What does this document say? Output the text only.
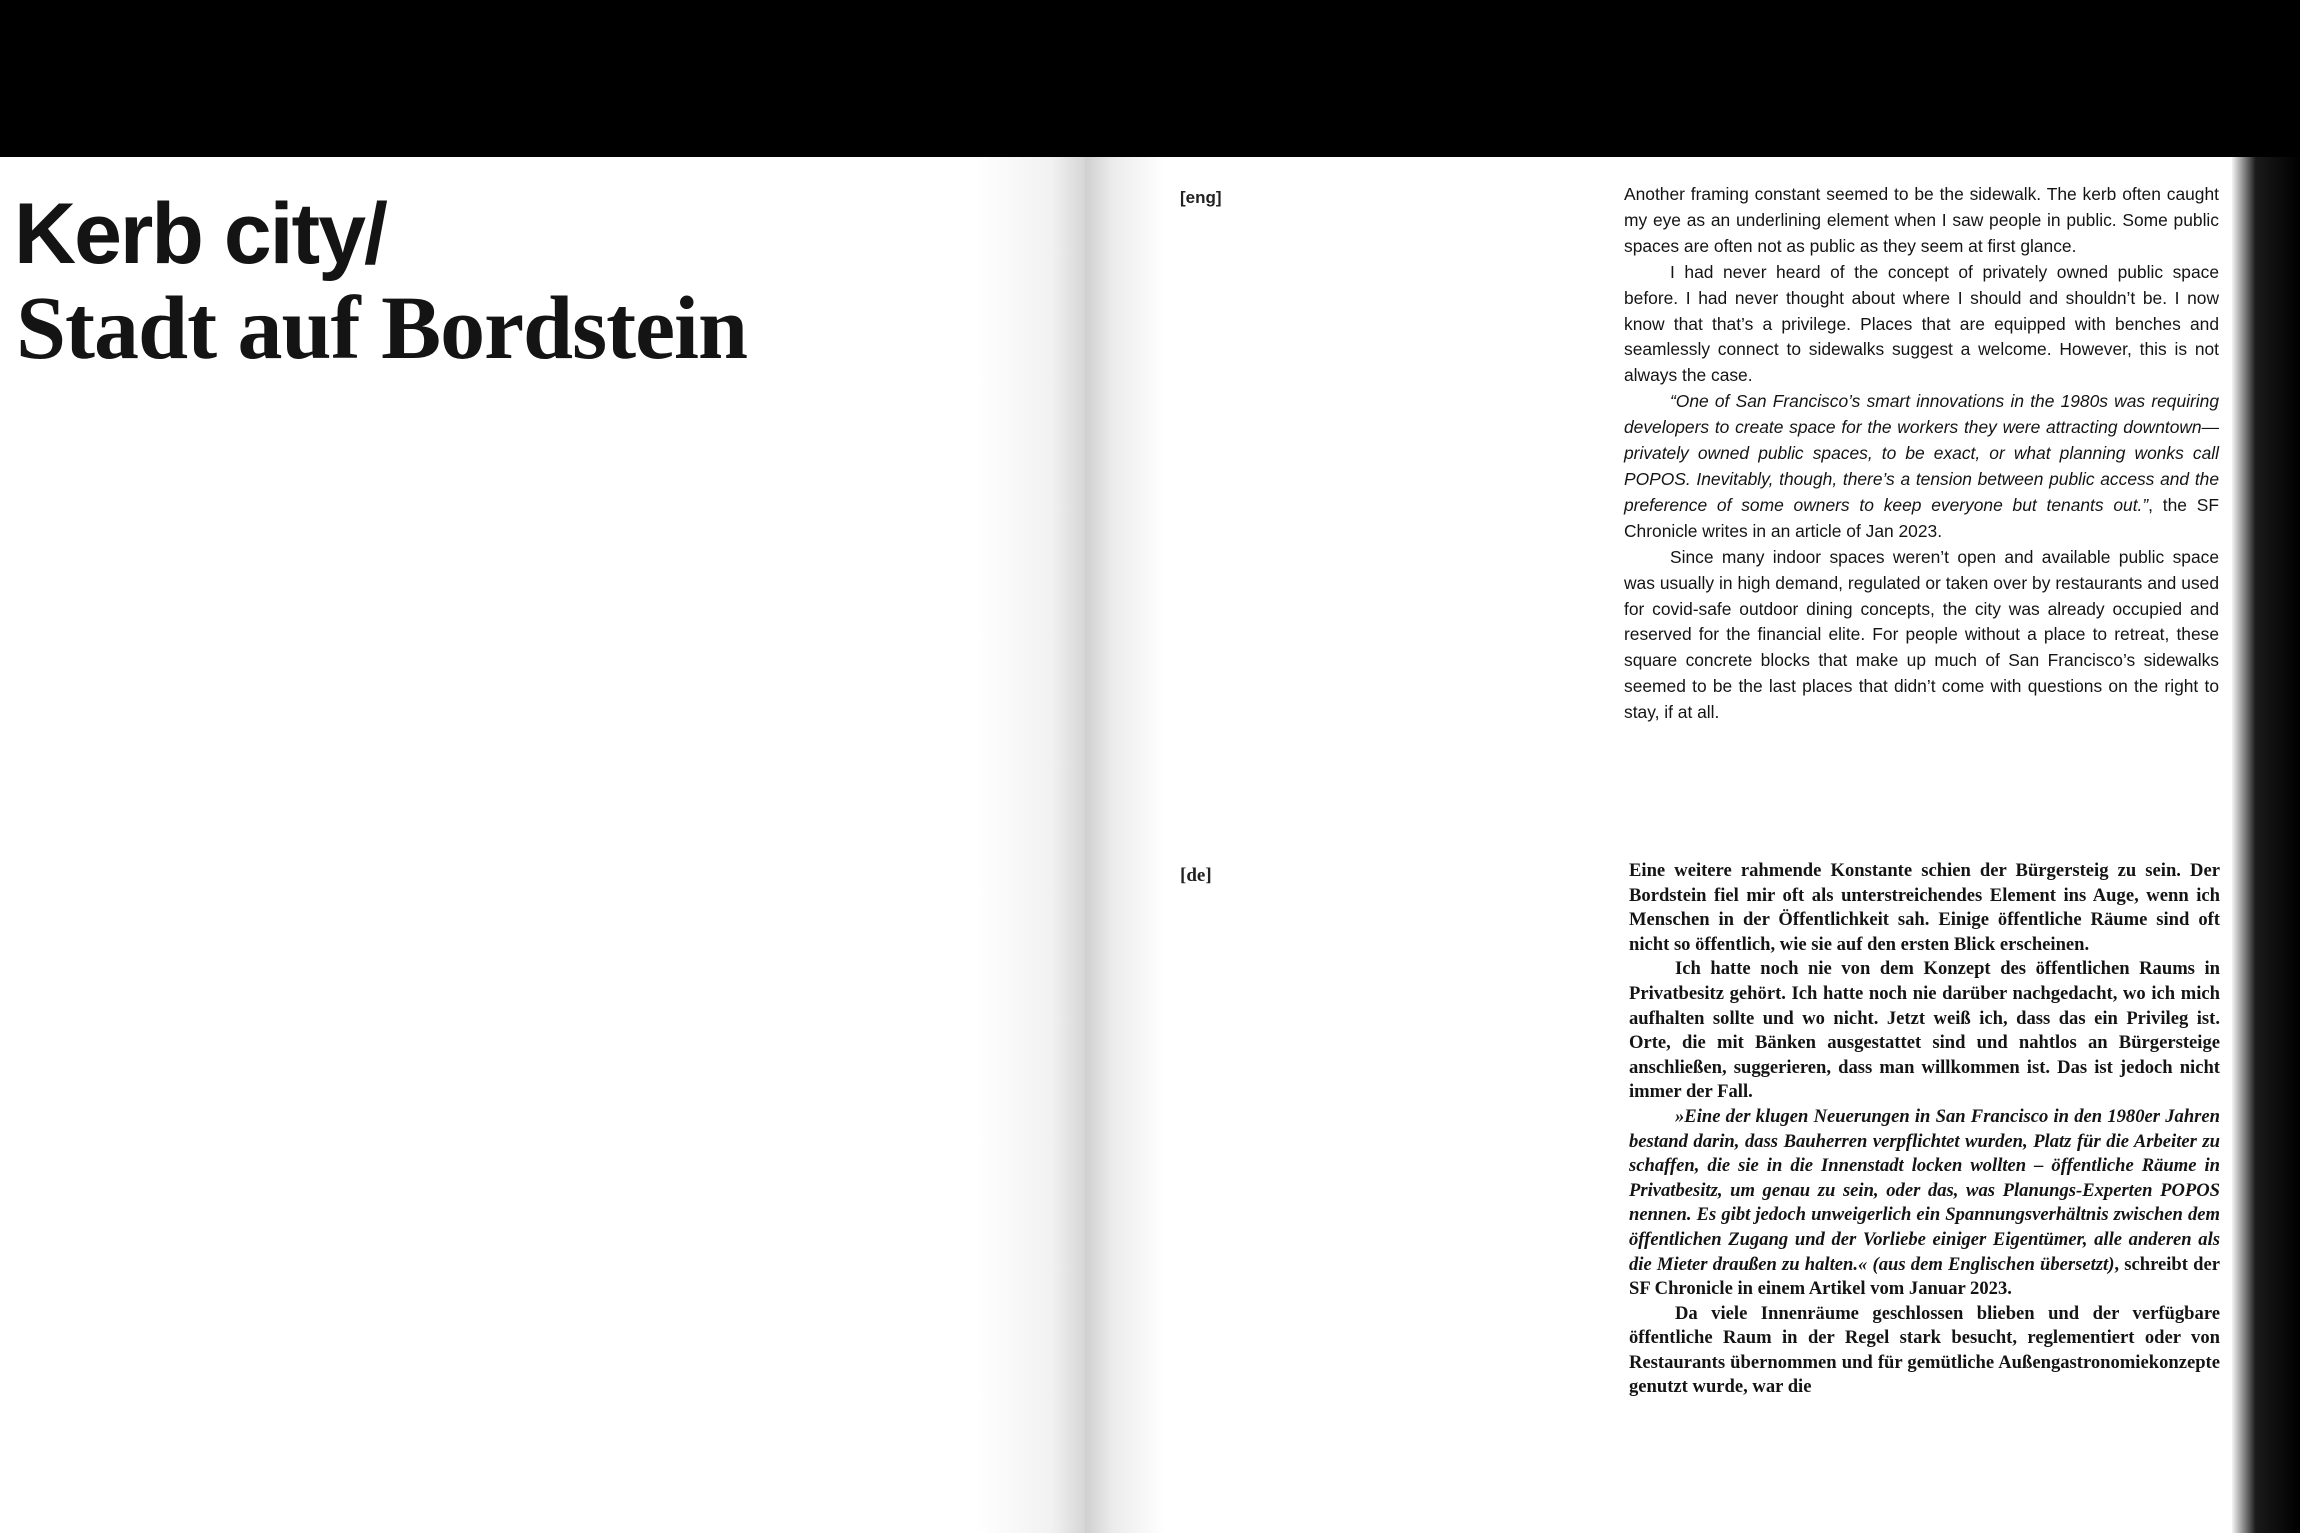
Kerb city/
Stadt auf Bordstein

[eng]	Another framing constant seemed to be the sidewalk. The kerb often caught my eye as an underlining element when I saw people in public. Some public spaces are often not as public as they seem at first glance.

I had never heard of the concept of privately owned public space before. I had never thought about where I should and shouldn’t be. I now know that that’s a privilege. Places that are equipped with benches and seamlessly connect to sidewalks suggest a welcome. However, this is not always the case.

“One of San Francisco’s smart innovations in the 1980s was requiring developers to create space for the workers they were attracting downtown—privately owned public spaces, to be exact, or what planning wonks call POPOS. Inevitably, though, there’s a tension between public access and the preference of some owners to keep everyone but tenants out.”, the SF Chronicle writes in an article of Jan 2023.

Since many indoor spaces weren’t open and available public space was usually in high demand, regulated or taken over by restaurants and used for covid-safe outdoor dining concepts, the city was already occupied and reserved for the financial elite. For people without a place to retreat, these square concrete blocks that make up much of San Francisco’s sidewalks seemed to be the last places that didn’t come with questions on the right to stay, if at all.

[de]	Eine weitere rahmende Konstante schien der Bürgersteig zu sein. Der Bordstein fiel mir oft als unterstreichendes Element ins Auge, wenn ich Menschen in der Öffentlichkeit sah. Einige öffentliche Räume sind oft nicht so öffentlich, wie sie auf den ersten Blick erscheinen.

Ich hatte noch nie von dem Konzept des öffentlichen Raums in Privatbesitz gehört. Ich hatte noch nie darüber nachgedacht, wo ich mich aufhalten sollte und wo nicht. Jetzt weiß ich, dass das ein Privileg ist. Orte, die mit Bänken ausgestattet sind und nahtlos an Bürgersteige anschließen, suggerieren, dass man willkommen ist. Das ist jedoch nicht immer der Fall.

»Eine der klugen Neuerungen in San Francisco in den 1980er Jahren bestand darin, dass Bauherren verpflichtet wurden, Platz für die Arbeiter zu schaffen, die sie in die Innenstadt locken wollten – öffentliche Räume in Privatbesitz, um genau zu sein, oder das, was Planungs-Experten POPOS nennen. Es gibt jedoch unweigerlich ein Spannungsverhältnis zwischen dem öffentlichen Zugang und der Vorliebe einiger Eigentümer, alle anderen als die Mieter draußen zu halten.« (aus dem Englischen übersetzt), schreibt der SF Chronicle in einem Artikel vom Januar 2023.

Da viele Innenräume geschlossen blieben und der verfügbare öffentliche Raum in der Regel stark besucht, reglementiert oder von Restaurants übernommen und für gemütliche Außengastronomiekonzepte genutzt wurde, war die
